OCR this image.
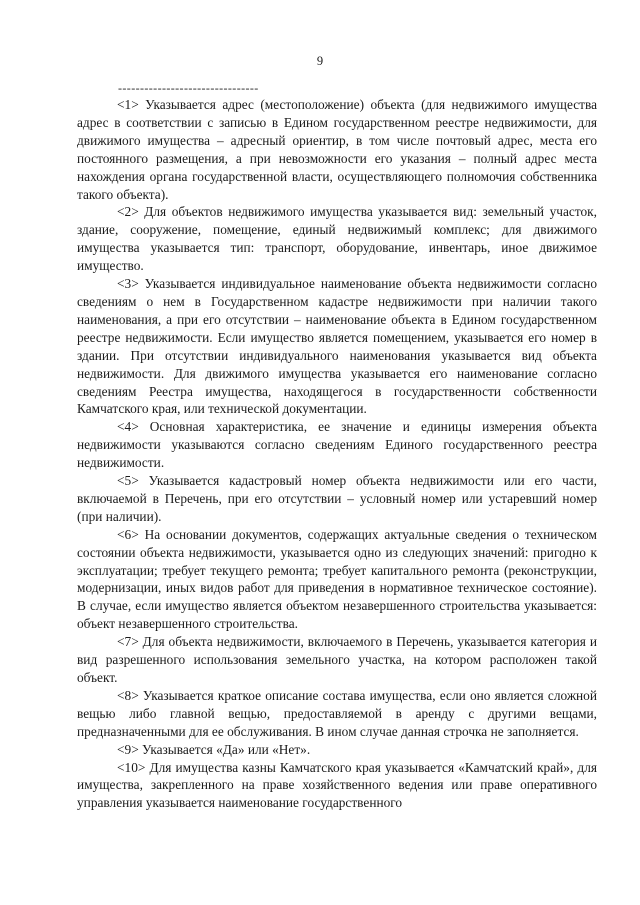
9
--------------------------------

<1> Указывается адрес (местоположение) объекта (для недвижимого имущества адрес в соответствии с записью в Едином государственном реестре недвижимости, для движимого имущества – адресный ориентир, в том числе почтовый адрес, места его постоянного размещения, а при невозможности его указания – полный адрес места нахождения органа государственной власти, осуществляющего полномочия собственника такого объекта).

<2> Для объектов недвижимого имущества указывается вид: земельный участок, здание, сооружение, помещение, единый недвижимый комплекс; для движимого имущества указывается тип: транспорт, оборудование, инвентарь, иное движимое имущество.

<3> Указывается индивидуальное наименование объекта недвижимости согласно сведениям о нем в Государственном кадастре недвижимости при наличии такого наименования, а при его отсутствии – наименование объекта в Едином государственном реестре недвижимости. Если имущество является помещением, указывается его номер в здании. При отсутствии индивидуального наименования указывается вид объекта недвижимости. Для движимого имущества указывается его наименование согласно сведениям Реестра имущества, находящегося в государственности собственности Камчатского края, или технической документации.

<4> Основная характеристика, ее значение и единицы измерения объекта недвижимости указываются согласно сведениям Единого государственного реестра недвижимости.

<5> Указывается кадастровый номер объекта недвижимости или его части, включаемой в Перечень, при его отсутствии – условный номер или устаревший номер (при наличии).

<6> На основании документов, содержащих актуальные сведения о техническом состоянии объекта недвижимости, указывается одно из следующих значений: пригодно к эксплуатации; требует текущего ремонта; требует капитального ремонта (реконструкции, модернизации, иных видов работ для приведения в нормативное техническое состояние). В случае, если имущество является объектом незавершенного строительства указывается: объект незавершенного строительства.

<7> Для объекта недвижимости, включаемого в Перечень, указывается категория и вид разрешенного использования земельного участка, на котором расположен такой объект.

<8> Указывается краткое описание состава имущества, если оно является сложной вещью либо главной вещью, предоставляемой в аренду с другими вещами, предназначенными для ее обслуживания. В ином случае данная строчка не заполняется.

<9> Указывается «Да» или «Нет».

<10> Для имущества казны Камчатского края указывается «Камчатский край», для имущества, закрепленного на праве хозяйственного ведения или праве оперативного управления указывается наименование государственного
